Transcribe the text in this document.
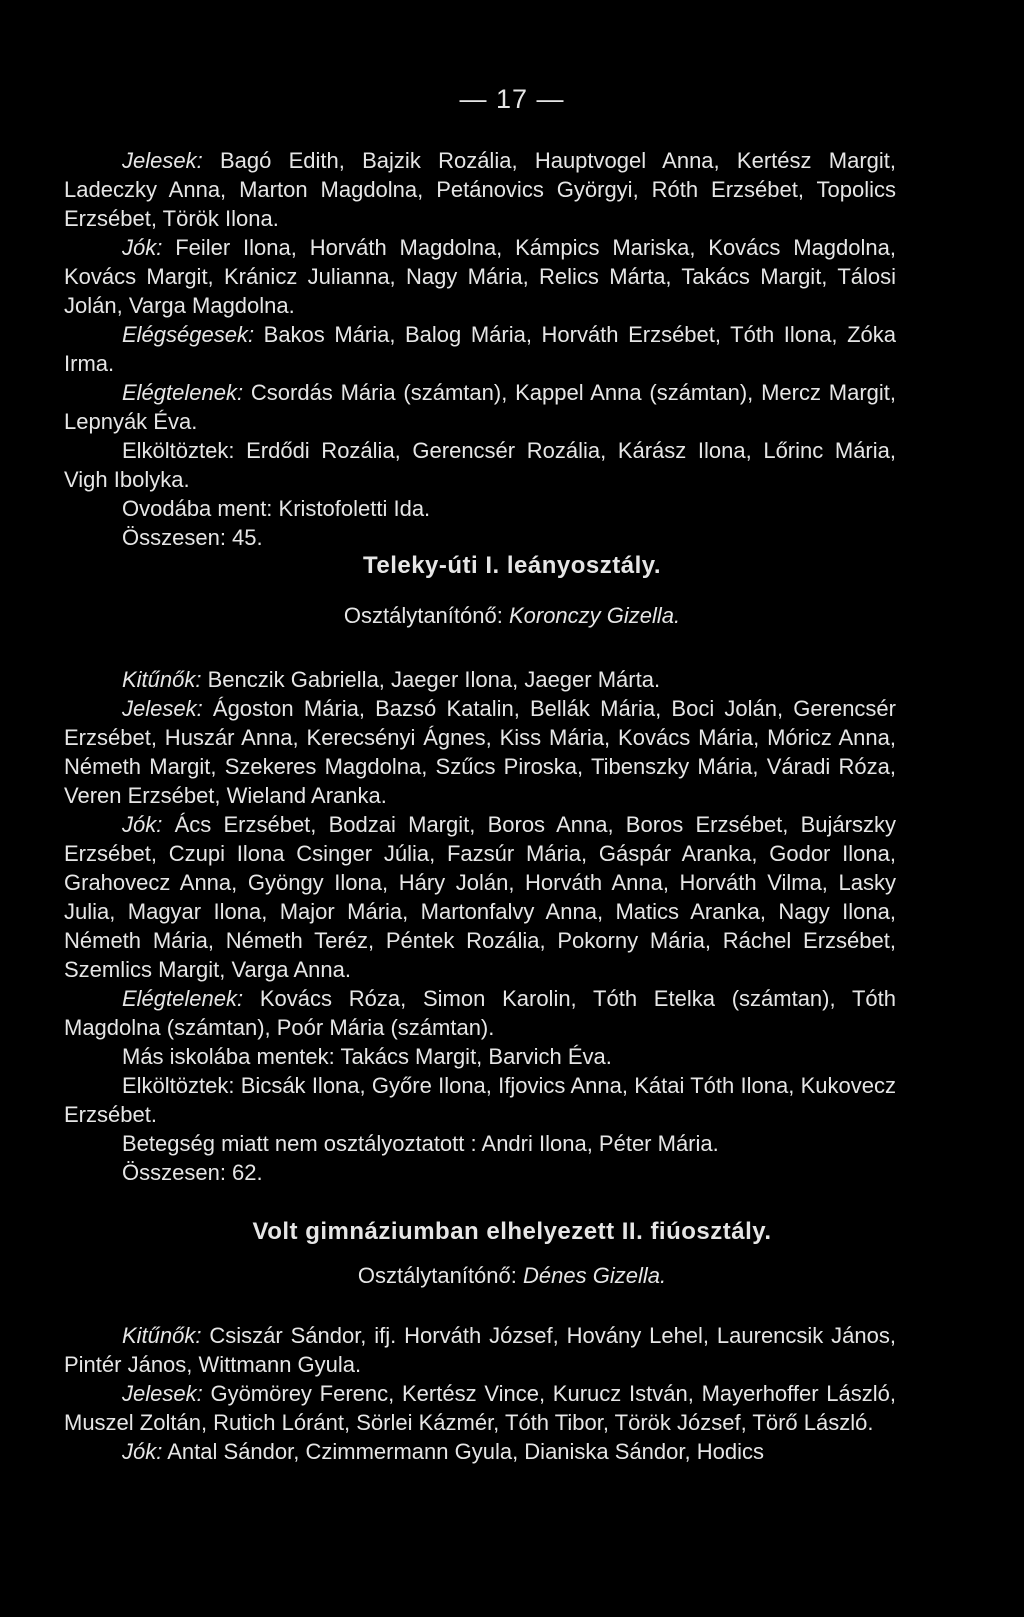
— 17 —

Jelesek: Bagó Edith, Bajzik Rozália, Hauptvogel Anna, Kertész Margit, Ladeczky Anna, Marton Magdolna, Petánovics Györgyi, Róth Erzsébet, Topolics Erzsébet, Török Ilona.

Jók: Feiler Ilona, Horváth Magdolna, Kámpics Mariska, Kovács Magdolna, Kovács Margit, Kránicz Julianna, Nagy Mária, Relics Márta, Takács Margit, Tálosi Jolán, Varga Magdolna.

Elégségesek: Bakos Mária, Balog Mária, Horváth Erzsébet, Tóth Ilona, Zóka Irma.

Elégtelenek: Csordás Mária (számtan), Kappel Anna (számtan), Mercz Margit, Lepnyák Éva.

Elköltöztek: Erdődi Rozália, Gerencsér Rozália, Kárász Ilona, Lőrinc Mária, Vigh Ibolyka.

Ovodába ment: Kristofoletti Ida.

Összesen: 45.

Teleky-úti I. leányosztály.
Osztálytanítónő: Koronczy Gizella.

Kitűnők: Benczik Gabriella, Jaeger Ilona, Jaeger Márta.

Jelesek: Ágoston Mária, Bazsó Katalin, Bellák Mária, Boci Jolán, Gerencsér Erzsébet, Huszár Anna, Kerecsényi Ágnes, Kiss Mária, Kovács Mária, Móricz Anna, Németh Margit, Szekeres Magdolna, Szűcs Piroska, Tibenszky Mária, Váradi Róza, Veren Erzsébet, Wieland Aranka.

Jók: Ács Erzsébet, Bodzai Margit, Boros Anna, Boros Erzsébet, Bujárszky Erzsébet, Czupi Ilona Csinger Júlia, Fazsúr Mária, Gáspár Aranka, Godor Ilona, Grahovecz Anna, Gyöngy Ilona, Háry Jolán, Horváth Anna, Horváth Vilma, Lasky Julia, Magyar Ilona, Major Mária, Martonfalvy Anna, Matics Aranka, Nagy Ilona, Németh Mária, Németh Teréz, Péntek Rozália, Pokorny Mária, Ráchel Erzsébet, Szemlics Margit, Varga Anna.

Elégtelenek: Kovács Róza, Simon Karolin, Tóth Etelka (számtan), Tóth Magdolna (számtan), Poór Mária (számtan).

Más iskolába mentek: Takács Margit, Barvich Éva.

Elköltöztek: Bicsák Ilona, Győre Ilona, Ifjovics Anna, Kátai Tóth Ilona, Kukovecz Erzsébet.

Betegség miatt nem osztályoztatott : Andri Ilona, Péter Mária.

Összesen: 62.

Volt gimnáziumban elhelyezett II. fiúosztály.
Osztálytanítónő: Dénes Gizella.

Kitűnők: Csiszár Sándor, ifj. Horváth József, Hovány Lehel, Laurencsik János, Pintér János, Wittmann Gyula.

Jelesek: Gyömörey Ferenc, Kertész Vince, Kurucz István, Mayerhoffer László, Muszel Zoltán, Rutich Lóránt, Sörlei Kázmér, Tóth Tibor, Török József, Törő László.

Jók: Antal Sándor, Czimmermann Gyula, Dianiska Sándor, Hodics
